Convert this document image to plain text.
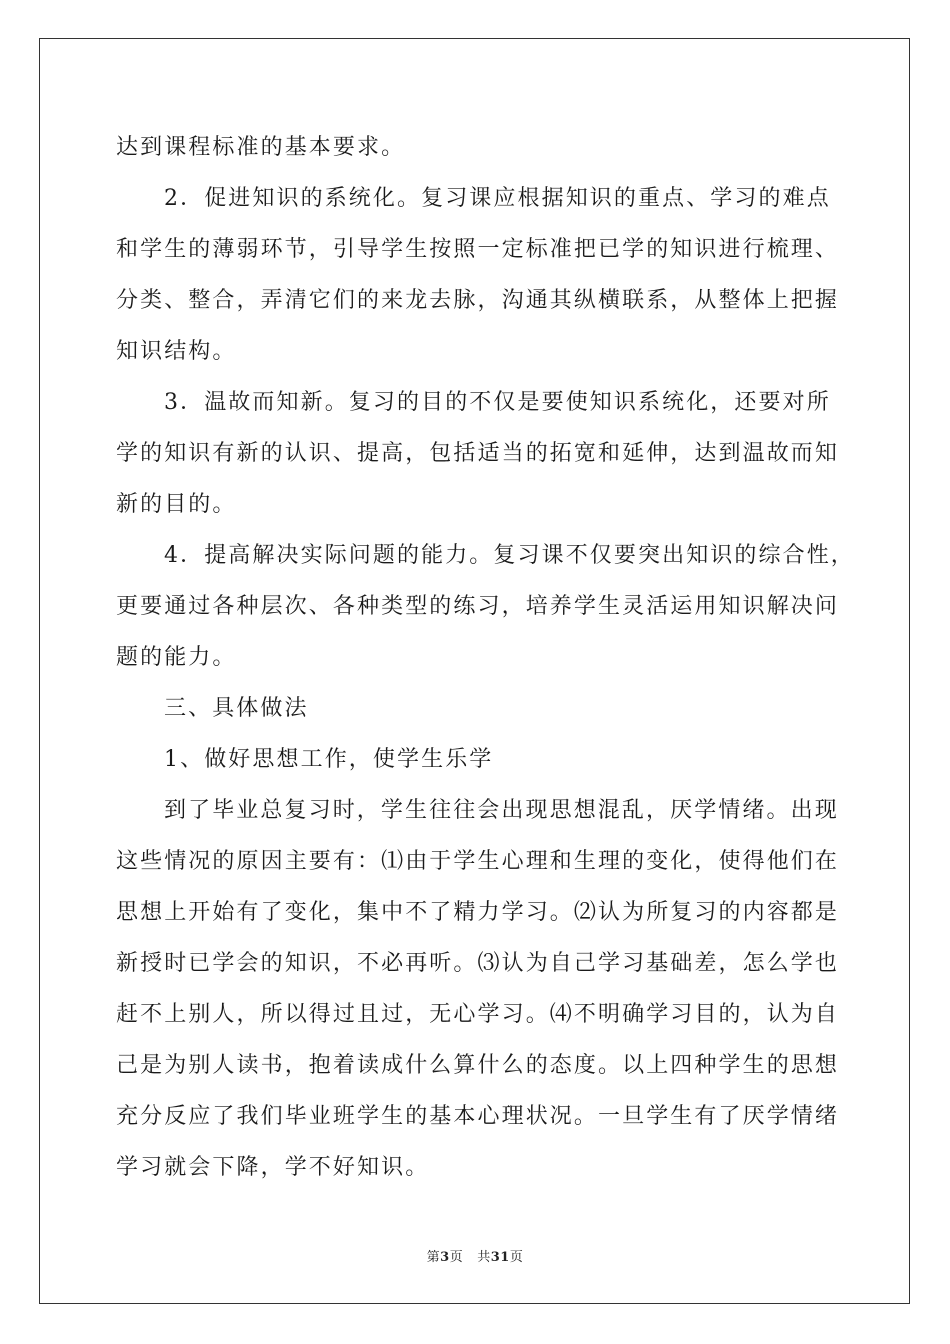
达到课程标准的基本要求。
2．促进知识的系统化。复习课应根据知识的重点、学习的难点
和学生的薄弱环节，引导学生按照一定标准把已学的知识进行梳理、
分类、整合，弄清它们的来龙去脉，沟通其纵横联系，从整体上把握
知识结构。
3．温故而知新。复习的目的不仅是要使知识系统化，还要对所
学的知识有新的认识、提高，包括适当的拓宽和延伸，达到温故而知
新的目的。
4．提高解决实际问题的能力。复习课不仅要突出知识的综合性，
更要通过各种层次、各种类型的练习，培养学生灵活运用知识解决问
题的能力。
三、具体做法
1、做好思想工作，使学生乐学
到了毕业总复习时，学生往往会出现思想混乱，厌学情绪。出现
这些情况的原因主要有：⑴由于学生心理和生理的变化，使得他们在
思想上开始有了变化，集中不了精力学习。⑵认为所复习的内容都是
新授时已学会的知识，不必再听。⑶认为自己学习基础差，怎么学也
赶不上别人，所以得过且过，无心学习。⑷不明确学习目的，认为自
己是为别人读书，抱着读成什么算什么的态度。以上四种学生的思想
充分反应了我们毕业班学生的基本心理状况。一旦学生有了厌学情绪
学习就会下降，学不好知识。
第3页 共31页
